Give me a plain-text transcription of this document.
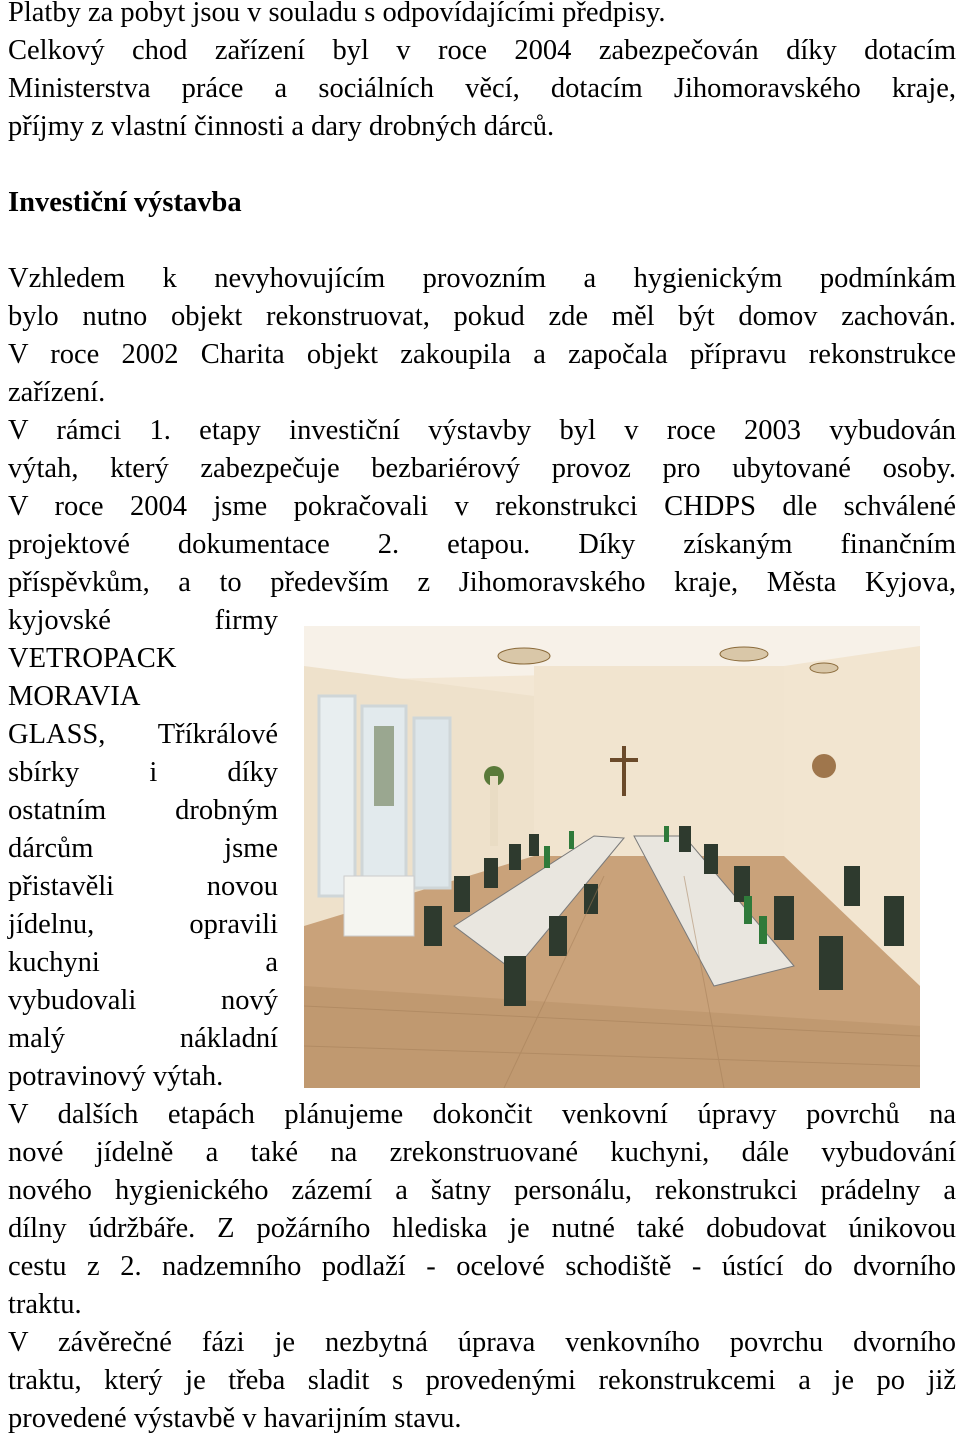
Platby za pobyt jsou v souladu s odpovídajícími předpisy.
Celkový chod zařízení byl v roce 2004 zabezpečován díky dotacím
Ministerstva práce a sociálních věcí, dotacím Jihomoravského kraje,
příjmy z vlastní činnosti a dary drobných dárců.
Investiční výstavba
Vzhledem k nevyhovujícím provozním a hygienickým podmínkám
bylo nutno objekt rekonstruovat, pokud zde měl být domov zachován.
V roce 2002 Charita objekt zakoupila a započala přípravu rekonstrukce
zařízení.
V rámci 1. etapy investiční výstavby byl v roce 2003 vybudován
výtah, který zabezpečuje bezbariérový provoz pro ubytované osoby.
V roce 2004 jsme pokračovali v rekonstrukci CHDPS dle schválené
projektové dokumentace 2. etapou. Díky získaným finančním
příspěvkům, a to především z Jihomoravského kraje, Města Kyjova,
kyjovské firmy
VETROPACK
MORAVIA
GLASS, Tříkrálové
sbírky i díky
ostatním drobným
dárcům jsme
přistavěli novou
jídelnu, opravili
kuchyni a
vybudovali nový
malý nákladní
potravinový výtah.
V dalších etapách plánujeme dokončit venkovní úpravy povrchů na
nové jídelně a také na zrekonstruované kuchyni, dále vybudování
nového hygienického zázemí a šatny personálu, rekonstrukci prádelny a
dílny údržbáře. Z požárního hlediska je nutné také dobudovat únikovou
cestu z 2. nadzemního podlaží - ocelové schodiště - ústící do dvorního
traktu.
V závěrečné fázi je nezbytná úprava venkovního povrchu dvorního
traktu, který je třeba sladit s provedenými rekonstrukcemi a je po již
provedené výstavbě v havarijním stavu.
